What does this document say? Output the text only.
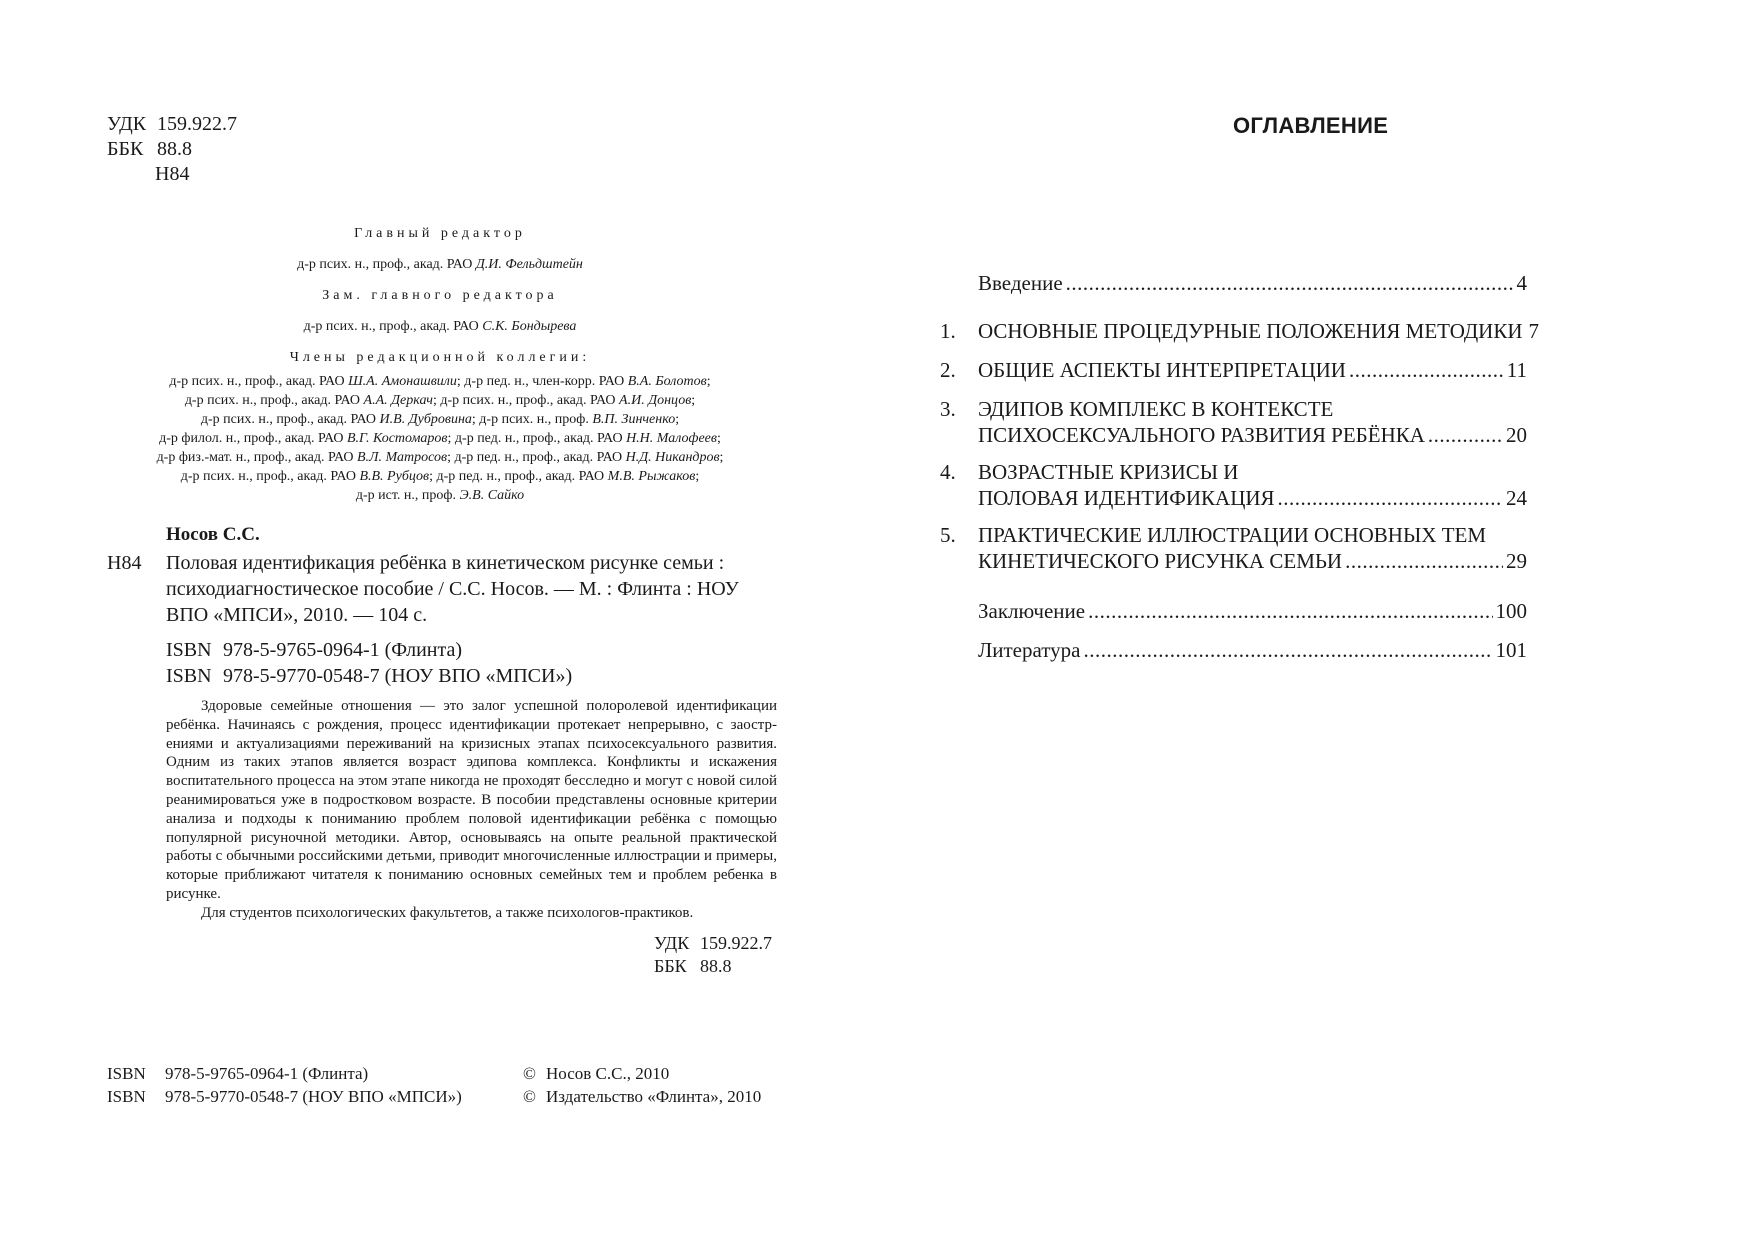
УДК 159.922.7
ББК 88.8
Н84
Главный редактор
д-р псих. н., проф., акад. РАО Д.И. Фельдштейн
Зам. главного редактора
д-р псих. н., проф., акад. РАО С.К. Бондырева
Члены редакционной коллегии:
д-р псих. н., проф., акад. РАО Ш.А. Амонашвили; д-р пед. н., член-корр. РАО В.А. Болотов;
д-р псих. н., проф., акад. РАО А.А. Деркач; д-р псих. н., проф., акад. РАО А.И. Донцов;
д-р псих. н., проф., акад. РАО И.В. Дубровина; д-р псих. н., проф. В.П. Зинченко;
д-р филол. н., проф., акад. РАО В.Г. Костомаров; д-р пед. н., проф., акад. РАО Н.Н. Малофеев;
д-р физ.-мат. н., проф., акад. РАО В.Л. Матросов; д-р пед. н., проф., акад. РАО Н.Д. Никандров;
д-р псих. н., проф., акад. РАО В.В. Рубцов; д-р пед. н., проф., акад. РАО М.В. Рыжаков;
д-р ист. н., проф. Э.В. Сайко
Носов С.С.
Н84 Половая идентификация ребёнка в кинетическом рисунке семьи : психодиагностическое пособие / С.С. Носов. — М. : Флинта : НОУ ВПО «МПСИ», 2010. — 104 с.
ISBN 978-5-9765-0964-1 (Флинта)
ISBN 978-5-9770-0548-7 (НОУ ВПО «МПСИ»)

Здоровые семейные отношения — это залог успешной полоролевой идентификации ребёнка. Начинаясь с рождения, процесс идентификации протекает непрерывно, с заострениями и актуализациями переживаний на кризисных этапах психосексуального развития. Одним из таких этапов является возраст эдипова комплекса. Конфликты и искажения воспитательного процесса на этом этапе никогда не проходят бесследно и могут с новой силой реанимироваться уже в подростковом возрасте. В пособии представлены основные критерии анализа и подходы к пониманию проблем половой идентификации ребёнка с помощью популярной рисуночной методики. Автор, основываясь на опыте реальной практической работы с обычными российскими детьми, приводит многочисленные иллюстрации и примеры, которые приближают читателя к пониманию основных семейных тем и проблем ребенка в рисунке.

Для студентов психологических факультетов, а также психологов-практиков.

УДК 159.922.7
ББК 88.8
ISBN 978-5-9765-0964-1 (Флинта)
ISBN 978-5-9770-0548-7 (НОУ ВПО «МПСИ»)
© Носов С.С., 2010
© Издательство «Флинта», 2010
ОГЛАВЛЕНИЕ
Введение .....	4
1. ОСНОВНЫЕ ПРОЦЕДУРНЫЕ ПОЛОЖЕНИЯ МЕТОДИКИ 7
2. ОБЩИЕ АСПЕКТЫ ИНТЕРПРЕТАЦИИ .....	11
3. ЭДИПОВ КОМПЛЕКС В КОНТЕКСТЕ
ПСИХОСЕКСУАЛЬНОГО РАЗВИТИЯ РЕБЁНКА .....	20
4. ВОЗРАСТНЫЕ КРИЗИСЫ И
ПОЛОВАЯ ИДЕНТИФИКАЦИЯ .....	24
5. ПРАКТИЧЕСКИЕ ИЛЛЮСТРАЦИИ ОСНОВНЫХ ТЕМ
КИНЕТИЧЕСКОГО РИСУНКА СЕМЬИ .....	29
Заключение .....	100
Литература .....	101
